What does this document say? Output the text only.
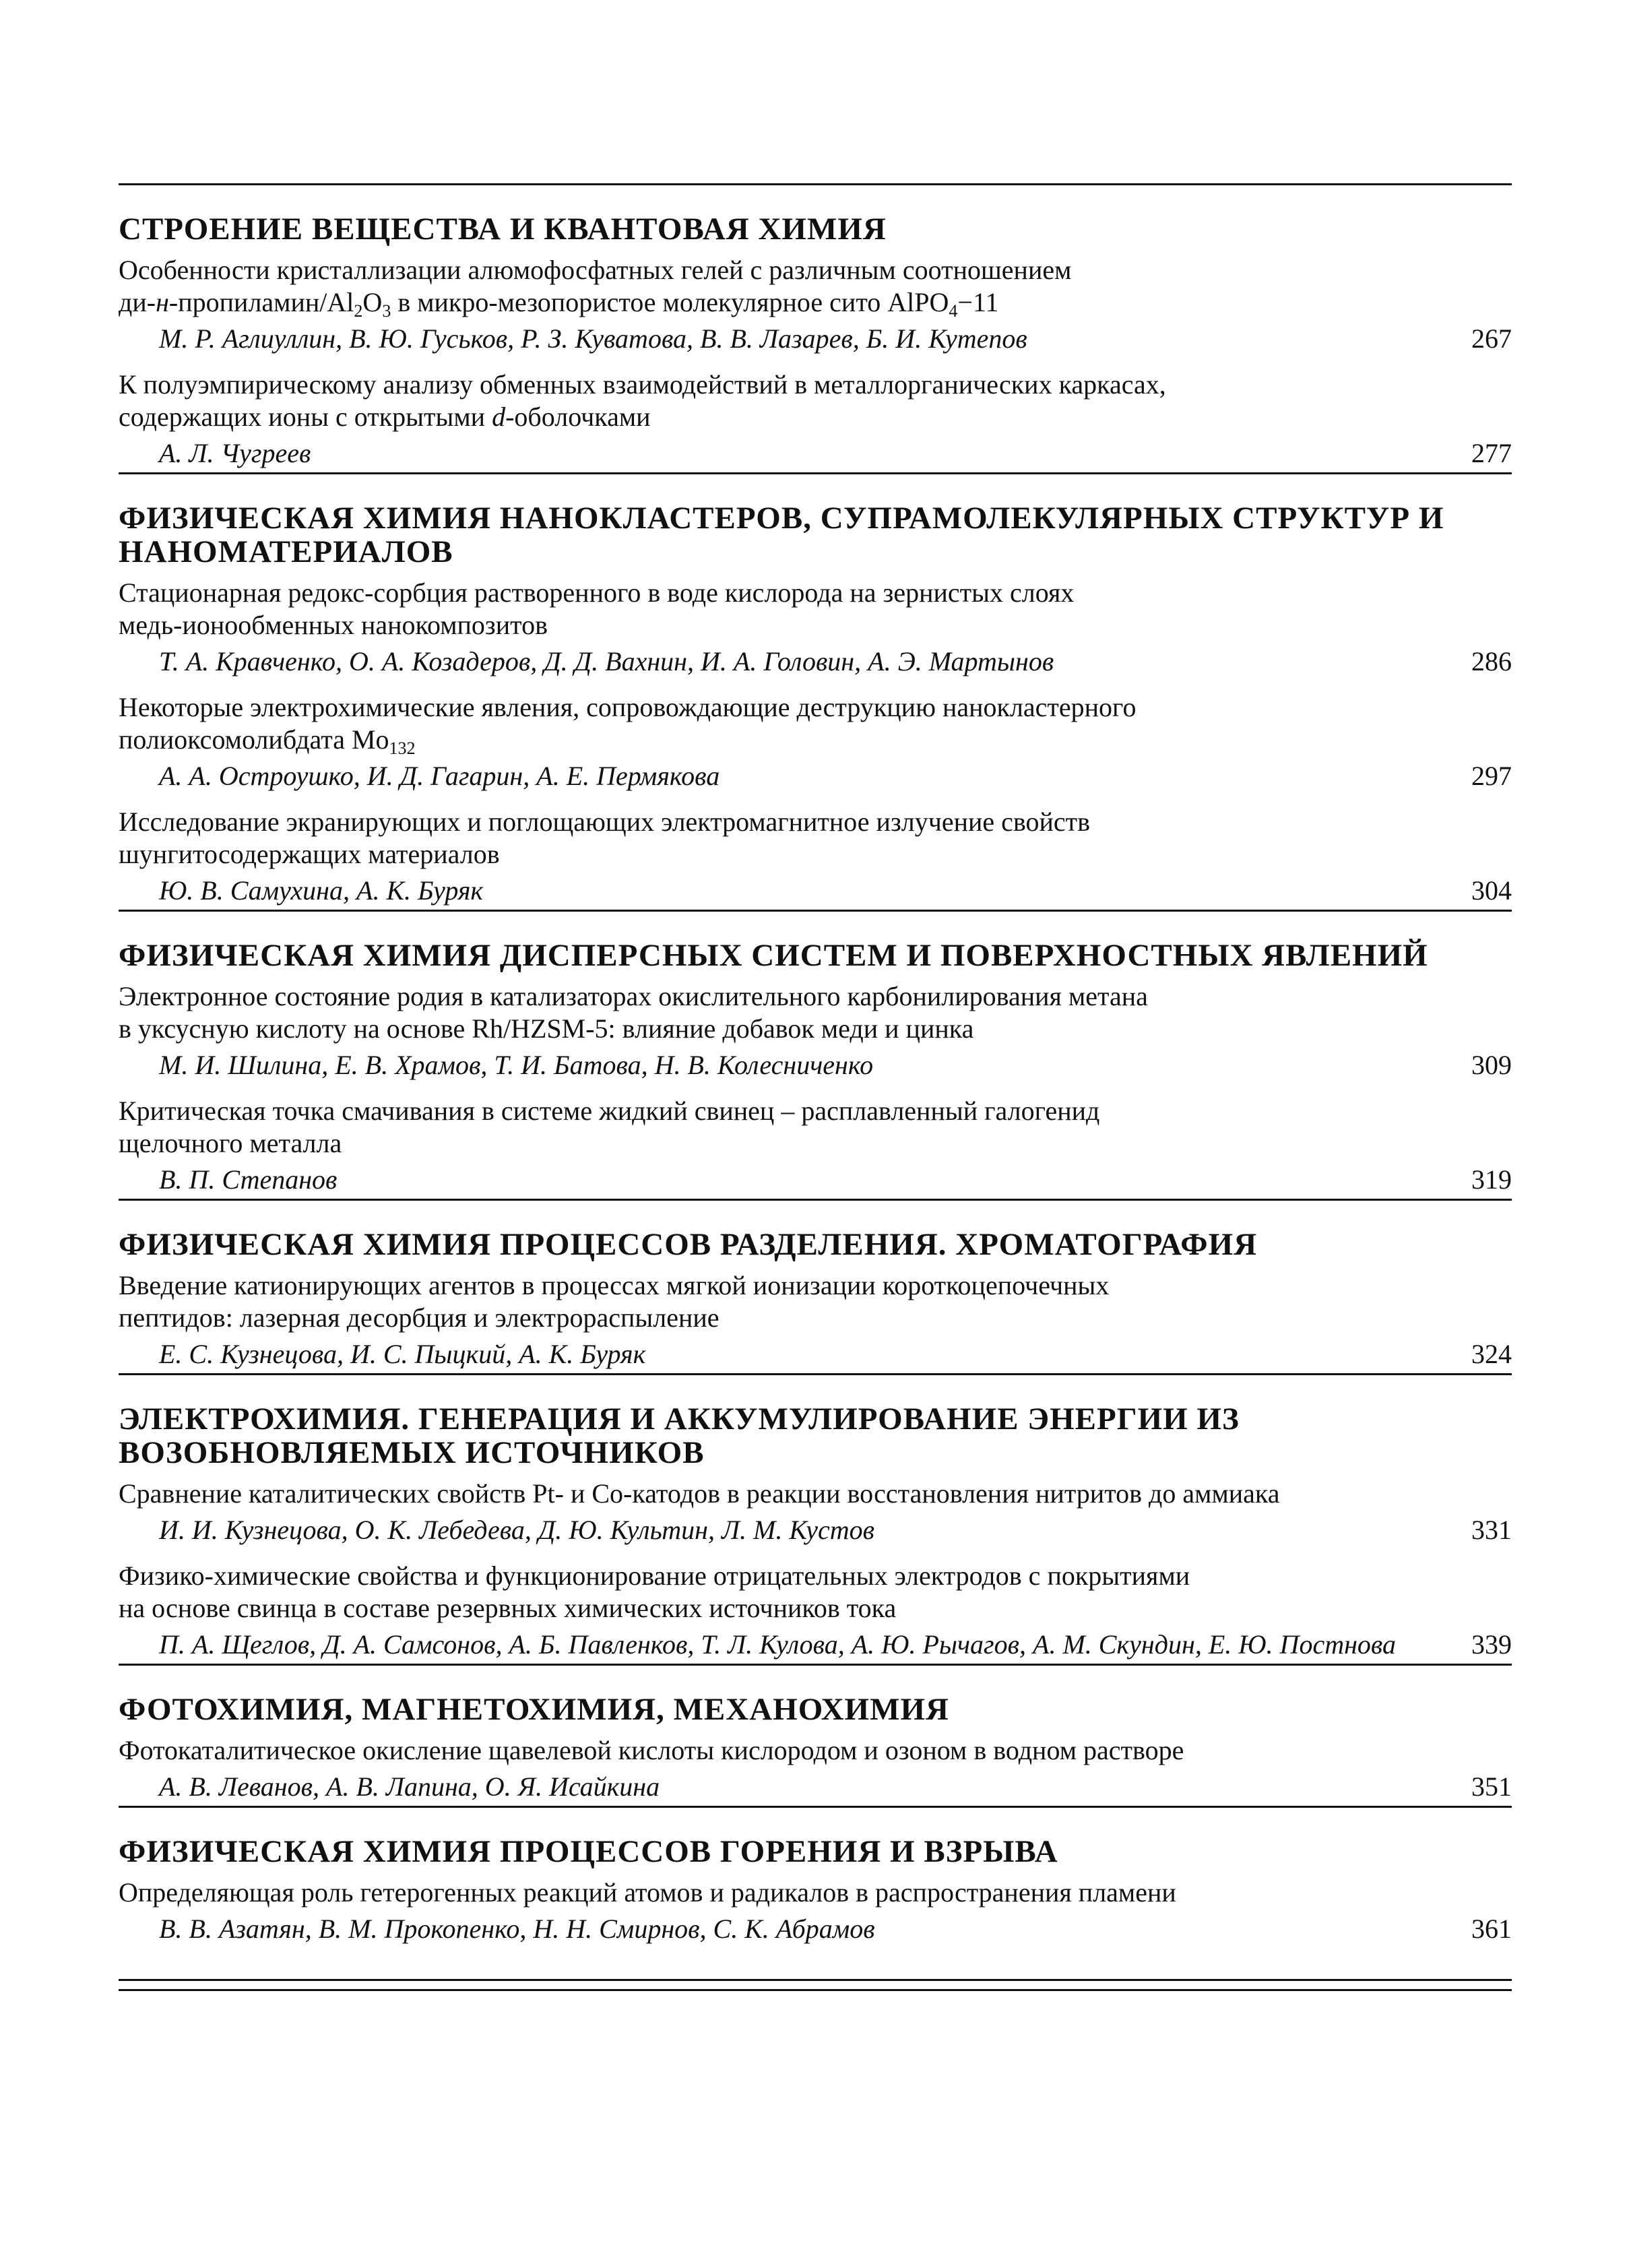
СТРОЕНИЕ ВЕЩЕСТВА И КВАНТОВАЯ ХИМИЯ
Особенности кристаллизации алюмофосфатных гелей с различным соотношением
$ди-н-пропиламин/Al_2O_3$ в микро-мезопористое молекулярное сито AlPO$_4$−11
М. Р. Аглиуллин, В. Ю. Гуськов, Р. З. Куватова, В. В. Лазарев, Б. И. Кутепов	267
К полуэмпирическому анализу обменных взаимодействий в металлорганических каркасах,
содержащих ионы с открытыми d-оболочками
А. Л. Чугреев	277
ФИЗИЧЕСКАЯ ХИМИЯ НАНОКЛАСТЕРОВ, СУПРАМОЛЕКУЛЯРНЫХ СТРУКТУР И НАНОМАТЕРИАЛОВ
Стационарная редокс-сорбция растворенного в воде кислорода на зернистых слоях
медь-ионообменных нанокомпозитов
Т. А. Кравченко, О. А. Козадеров, Д. Д. Вахнин, И. А. Головин, А. Э. Мартынов	286
Некоторые электрохимические явления, сопровождающие деструкцию нанокластерного
полиоксомолибдата $Mo_{132}$
А. А. Остроушко, И. Д. Гагарин, А. Е. Пермякова	297
Исследование экранирующих и поглощающих электромагнитное излучение свойств
шунгитосодержащих материалов
Ю. В. Самухина, А. К. Буряк	304
ФИЗИЧЕСКАЯ ХИМИЯ ДИСПЕРСНЫХ СИСТЕМ И ПОВЕРХНОСТНЫХ ЯВЛЕНИЙ
Электронное состояние родия в катализаторах окислительного карбонилирования метана
в уксусную кислоту на основе Rh/HZSM-5: влияние добавок меди и цинка
М. И. Шилина, Е. В. Храмов, Т. И. Батова, Н. В. Колесниченко	309
Критическая точка смачивания в системе жидкий свинец – расплавленный галогенид
щелочного металла
В. П. Степанов	319
ФИЗИЧЕСКАЯ ХИМИЯ ПРОЦЕССОВ РАЗДЕЛЕНИЯ. ХРОМАТОГРАФИЯ
Введение катионирующих агентов в процессах мягкой ионизации короткоцепочечных
пептидов: лазерная десорбция и электрораспыление
Е. С. Кузнецова, И. С. Пыцкий, А. К. Буряк	324
ЭЛЕКТРОХИМИЯ. ГЕНЕРАЦИЯ И АККУМУЛИРОВАНИЕ ЭНЕРГИИ ИЗ ВОЗОБНОВЛЯЕМЫХ ИСТОЧНИКОВ
Сравнение каталитических свойств Pt- и Co-катодов в реакции восстановления нитритов до аммиака
И. И. Кузнецова, О. К. Лебедева, Д. Ю. Культин, Л. М. Кустов	331
Физико-химические свойства и функционирование отрицательных электродов с покрытиями
на основе свинца в составе резервных химических источников тока
П. А. Щеглов, Д. А. Самсонов, А. Б. Павленков, Т. Л. Кулова, А. Ю. Рычагов, А. М. Скундин, Е. Ю. Постнова	339
ФОТОХИМИЯ, МАГНЕТОХИМИЯ, МЕХАНОХИМИЯ
Фотокаталитическое окисление щавелевой кислоты кислородом и озоном в водном растворе
А. В. Леванов, А. В. Лапина, О. Я. Исайкина	351
ФИЗИЧЕСКАЯ ХИМИЯ ПРОЦЕССОВ ГОРЕНИЯ И ВЗРЫВА
Определяющая роль гетерогенных реакций атомов и радикалов в распространения пламени
В. В. Азатян, В. М. Прокопенко, Н. Н. Смирнов, С. К. Абрамов	361
